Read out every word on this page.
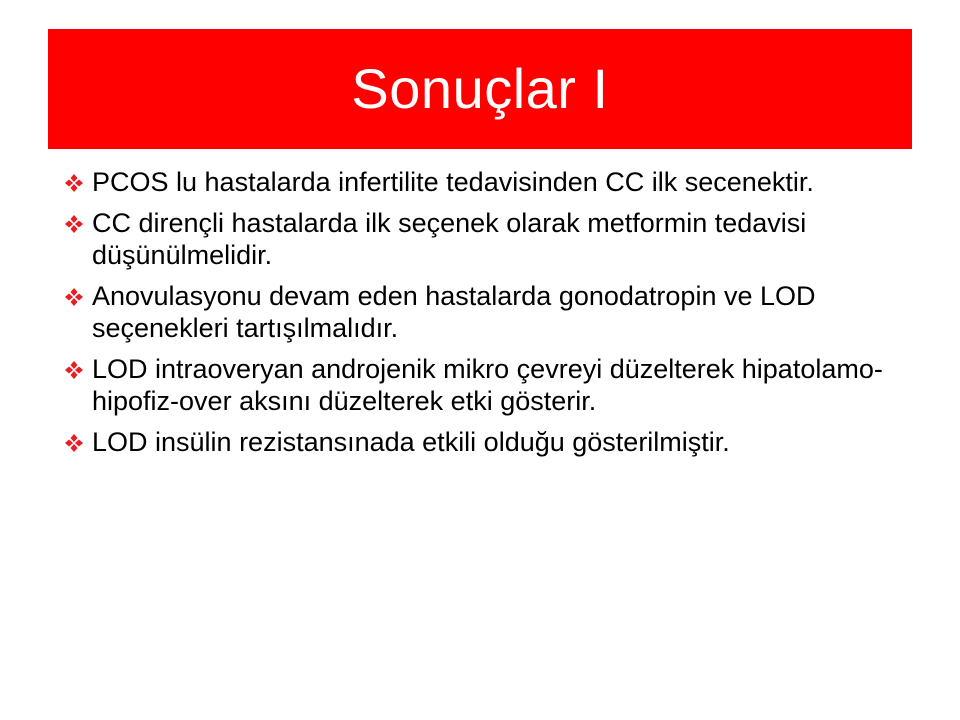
Sonuçlar I
PCOS lu hastalarda infertilite tedavisinden CC ilk secenektir.
CC dirençli hastalarda ilk seçenek olarak metformin tedavisi düşünülmelidir.
Anovulasyonu devam eden hastalarda gonodatropin ve LOD seçenekleri tartışılmalıdır.
LOD intraoveryan androjenik mikro çevreyi düzelterek hipatolamo-hipofiz-over aksını düzelterek etki gösterir.
LOD insülin rezistansınada etkili olduğu gösterilmiştir.
